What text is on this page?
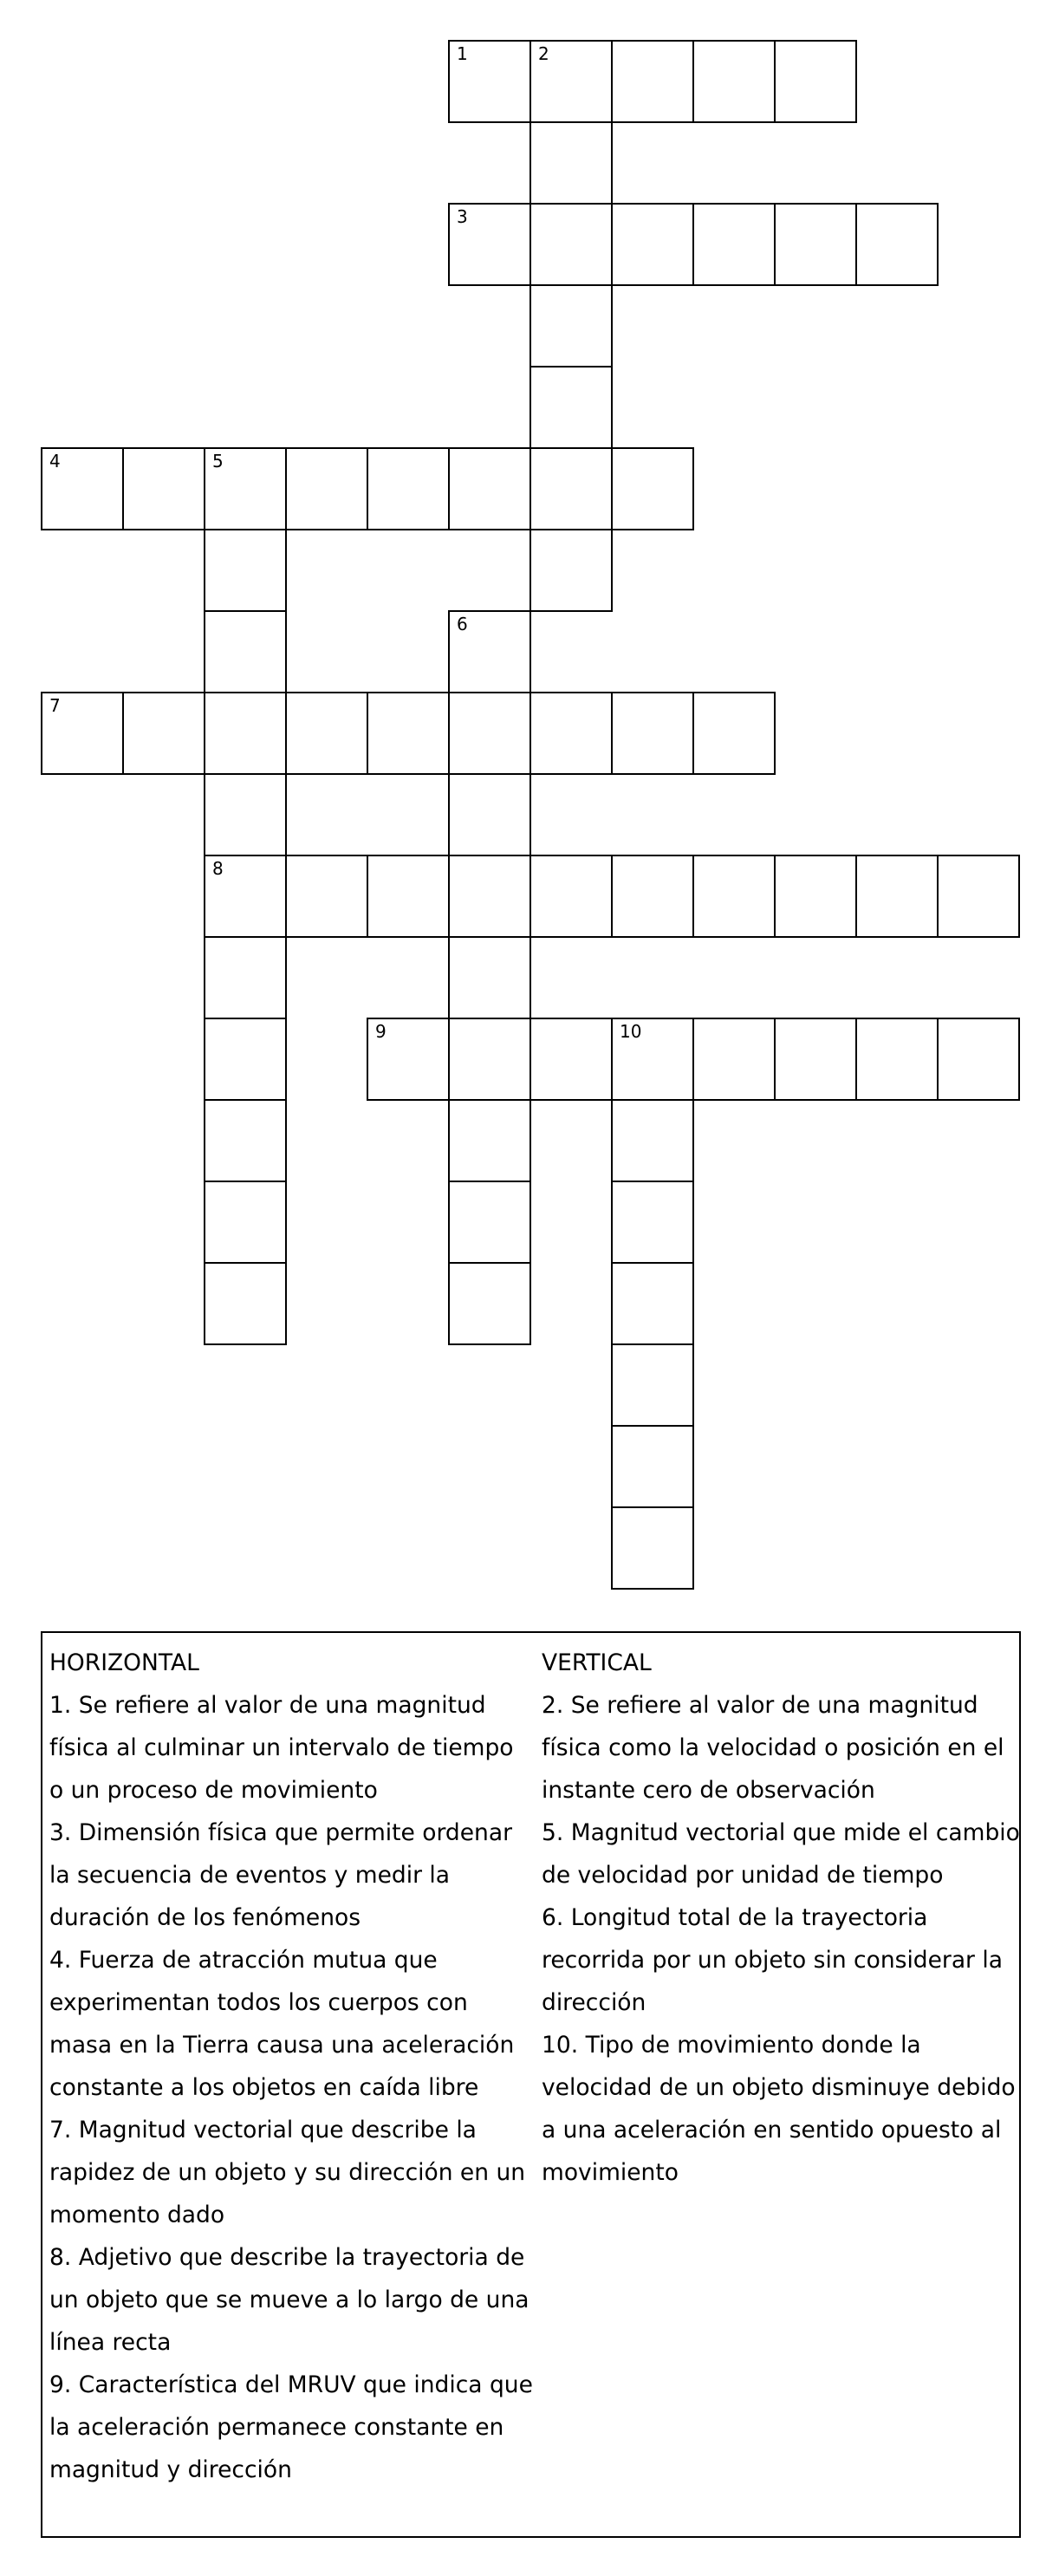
1	2
3
4	5
8
6
7
9	10
HORIZONTAL
1. Se refiere al valor de una magnitud física al culminar un intervalo de tiempo o un proceso de movimiento
3. Dimensión física que permite ordenar la secuencia de eventos y medir la duración de los fenómenos
4. Fuerza de atracción mutua que experimentan todos los cuerpos con masa en la Tierra causa una aceleración constante a los objetos en caída libre
7. Magnitud vectorial que describe la rapidez de un objeto y su dirección en un momento dado
8. Adjetivo que describe la trayectoria de un objeto que se mueve a lo largo de una línea recta
9. Característica del MRUV que indica que la aceleración permanece constante en magnitud y dirección
VERTICAL
2. Se refiere al valor de una magnitud física como la velocidad o posición en el instante cero de observación
5. Magnitud vectorial que mide el cambio de velocidad por unidad de tiempo
6. Longitud total de la trayectoria recorrida por un objeto sin considerar la dirección
10. Tipo de movimiento donde la velocidad de un objeto disminuye debido a una aceleración en sentido opuesto al movimiento
